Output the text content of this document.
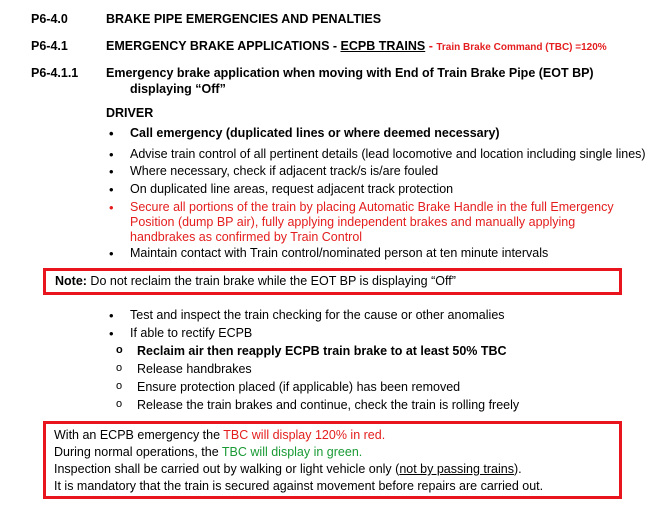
P6-4.0	BRAKE PIPE EMERGENCIES AND PENALTIES
P6-4.1	EMERGENCY BRAKE APPLICATIONS - ECPB TRAINS - Train Brake Command (TBC) =120%
P6-4.1.1 Emergency brake application when moving with End of Train Brake Pipe (EOT BP)
displaying “Off”
DRIVER
• Call emergency (duplicated lines or where deemed necessary)
• Advise train control of all pertinent details (lead locomotive and location including single lines)
• Where necessary, check if adjacent track/s is/are fouled
• On duplicated line areas, request adjacent track protection
• Secure all portions of the train by placing Automatic Brake Handle in the full Emergency
Position (dump BP air), fully applying independent brakes and manually applying
handbrakes as confirmed by Train Control
• Maintain contact with Train control/nominated person at ten minute intervals
Note: Do not reclaim the train brake while the EOT BP is displaying “Off”
• Test and inspect the train checking for the cause or other anomalies
• If able to rectify ECPB
o Reclaim air then reapply ECPB train brake to at least 50% TBC
o Release handbrakes
o Ensure protection placed (if applicable) has been removed
o Release the train brakes and continue, check the train is rolling freely
With an ECPB emergency the TBC will display 120% in red.
During normal operations, the TBC will display in green.
Inspection shall be carried out by walking or light vehicle only (not by passing trains).
It is mandatory that the train is secured against movement before repairs are carried out.
